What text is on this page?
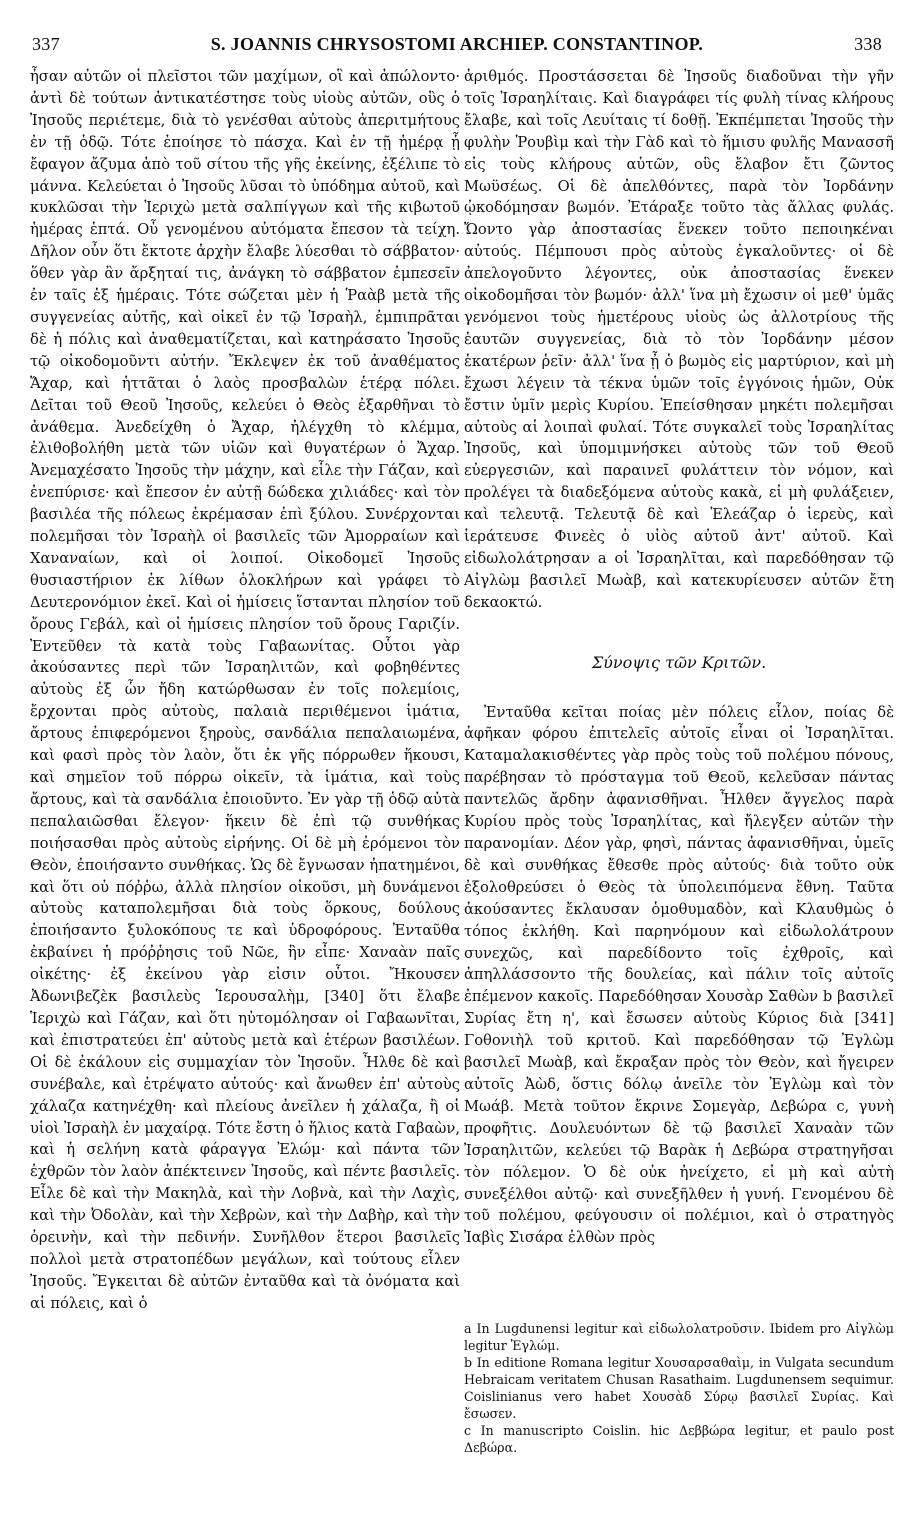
337	S. JOANNIS CHRYSOSTOMI ARCHIEP. CONSTANTINOP.	338

ἦσαν αὐτῶν οἱ πλεῖστοι τῶν μαχίμων, οἳ καὶ ἀπώλοντο· ἀντὶ δὲ τούτων ἀντικατέστησε τοὺς υἱοὺς αὐτῶν, οὓς ὁ Ἰησοῦς περιέτεμε, διὰ τὸ γενέσθαι αὐτοὺς ἀπεριτμήτους ἐν τῇ ὁδῷ. Τότε ἐποίησε τὸ πάσχα. Καὶ ἐν τῇ ἡμέρᾳ ᾗ ἔφαγον ἄζυμα ἀπὸ τοῦ σίτου τῆς γῆς ἐκείνης, ἐξέλιπε τὸ μάννα. Κελεύεται ὁ Ἰησοῦς λῦσαι τὸ ὑπόδημα αὐτοῦ, καὶ κυκλῶσαι τὴν Ἱεριχὼ μετὰ σαλπίγγων καὶ τῆς κιβωτοῦ ἡμέρας ἑπτά. Οὗ γενομένου αὐτόματα ἔπεσον τὰ τείχη. Δῆλον οὖν ὅτι ἔκτοτε ἀρχὴν ἔλαβε λύεσθαι τὸ σάββατον· ὅθεν γὰρ ἂν ἄρξηταί τις, ἀνάγκη τὸ σάββατον ἐμπεσεῖν ἐν ταῖς ἑξ ἡμέραις. Τότε σώζεται μὲν ἡ Ῥαὰβ μετὰ τῆς συγγενείας αὐτῆς, καὶ οἰκεῖ ἐν τῷ Ἰσραὴλ, ἐμπιπρᾶται δὲ ἡ πόλις καὶ ἀναθεματίζεται, καὶ κατηράσατο Ἰησοῦς τῷ οἰκοδομοῦντι αὐτήν. Ἔκλεψεν ἐκ τοῦ ἀναθέματος Ἄχαρ, καὶ ἡττᾶται ὁ λαὸς προσβαλὼν ἑτέρᾳ πόλει. Δεῖται τοῦ Θεοῦ Ἰησοῦς, κελεύει ὁ Θεὸς ἐξαρθῆναι τὸ ἀνάθεμα. Ἀνεδείχθη ὁ Ἄχαρ, ἠλέγχθη τὸ κλέμμα, ἐλιθοβολήθη μετὰ τῶν υἱῶν καὶ θυγατέρων ὁ Ἄχαρ. Ἀνεμαχέσατο Ἰησοῦς τὴν μάχην, καὶ εἷλε τὴν Γάζαν, καὶ ἐνεπύρισε· καὶ ἔπεσον ἐν αὐτῇ δώδεκα χιλιάδες· καὶ τὸν βασιλέα τῆς πόλεως ἐκρέμασαν ἐπὶ ξύλου. Συνέρχονται πολεμῆσαι τὸν Ἰσραὴλ οἱ βασιλεῖς τῶν Ἀμορραίων καὶ Χαναναίων, καὶ οἱ λοιποί. Οἰκοδομεῖ Ἰησοῦς θυσιαστήριον ἐκ λίθων ὁλοκλήρων καὶ γράφει τὸ Δευτερονόμιον ἐκεῖ. Καὶ οἱ ἡμίσεις ἵστανται πλησίον τοῦ ὄρους Γεβάλ, καὶ οἱ ἡμίσεις πλησίον τοῦ ὄρους Γαριζίν. Ἐντεῦθεν τὰ κατὰ τοὺς Γαβαωνίτας. Οὗτοι γὰρ ἀκούσαντες περὶ τῶν Ἰσραηλιτῶν, καὶ φοβηθέντες αὐτοὺς ἐξ ὧν ἤδη κατώρθωσαν ἐν τοῖς πολεμίοις, ἔρχονται πρὸς αὐτοὺς, παλαιὰ περιθέμενοι ἱμάτια, ἄρτους ἐπιφερόμενοι ξηροὺς, σανδάλια πεπαλαιωμένα, καὶ φασὶ πρὸς τὸν λαὸν, ὅτι ἐκ γῆς πόρρωθεν ἥκουσι, καὶ σημεῖον τοῦ πόρρω οἰκεῖν, τὰ ἱμάτια, καὶ τοὺς ἄρτους, καὶ τὰ σανδάλια ἐποιοῦντο. Ἐν γὰρ τῇ ὁδῷ αὐτὰ πεπαλαιῶσθαι ἔλεγον· ἥκειν δὲ ἐπὶ τῷ συνθήκας ποιήσασθαι πρὸς αὐτοὺς εἰρήνης. Οἱ δὲ μὴ ἐρόμενοι τὸν Θεὸν, ἐποιήσαντο συνθήκας. Ὡς δὲ ἔγνωσαν ἠπατημένοι, καὶ ὅτι οὐ πόῤῥω, ἀλλὰ πλησίον οἰκοῦσι, μὴ δυνάμενοι αὐτοὺς καταπολεμῆσαι διὰ τοὺς ὅρκους, δούλους ἐποιήσαντο ξυλοκόπους τε καὶ ὑδροφόρους. Ἐνταῦθα ἐκβαίνει ἡ πρόῤῥησις τοῦ Νῶε, ἣν εἶπε· Χαναὰν παῖς οἰκέτης· ἐξ ἐκείνου γὰρ εἰσιν οὗτοι. Ἤκουσεν Ἀδωνιβεζὲκ βασιλεὺς Ἱερουσαλὴμ, [340] ὅτι ἔλαβε Ἱεριχὼ καὶ Γάζαν, καὶ ὅτι ηὐτομόλησαν οἱ Γαβαωνῖται, καὶ ἐπιστρατεύει ἐπ' αὐτοὺς μετὰ καὶ ἑτέρων βασιλέων. Οἱ δὲ ἐκάλουν εἰς συμμαχίαν τὸν Ἰησοῦν. Ἦλθε δὲ καὶ συνέβαλε, καὶ ἐτρέψατο αὐτούς· καὶ ἄνωθεν ἐπ' αὐτοὺς χάλαζα κατηνέχθη· καὶ πλείους ἀνεῖλεν ἡ χάλαζα, ἢ οἱ υἱοὶ Ἰσραὴλ ἐν μαχαίρᾳ. Τότε ἔστη ὁ ἥλιος κατὰ Γαβαὼν, καὶ ἡ σελήνη κατὰ φάραγγα Ἐλώμ· καὶ πάντα τῶν ἐχθρῶν τὸν λαὸν ἀπέκτεινεν Ἰησοῦς, καὶ πέντε βασιλεῖς. Εἷλε δὲ καὶ τὴν Μακηλὰ, καὶ τὴν Λοβνὰ, καὶ τὴν Λαχὶς, καὶ τὴν Ὀδολὰν, καὶ τὴν Χεβρὼν, καὶ τὴν Δαβὴρ, καὶ τὴν ὀρεινὴν, καὶ τὴν πεδινήν. Συνῆλθον ἕτεροι βασιλεῖς πολλοὶ μετὰ στρατοπέδων μεγάλων, καὶ τούτους εἷλεν Ἰησοῦς. Ἔγκειται δὲ αὐτῶν ἐνταῦθα καὶ τὰ ὀνόματα καὶ αἱ πόλεις, καὶ ὁ

ἀριθμός. Προστάσσεται δὲ Ἰησοῦς διαδοῦναι τὴν γῆν τοῖς Ἰσραηλίταις. Καὶ διαγράφει τίς φυλὴ τίνας κλήρους ἔλαβε, καὶ τοῖς Λευίταις τί δοθῇ. Ἐκπέμπεται Ἰησοῦς τὴν φυλὴν Ῥουβὶμ καὶ τὴν Γὰδ καὶ τὸ ἥμισυ φυλῆς Μανασσῆ εἰς τοὺς κλήρους αὐτῶν, οὓς ἔλαβον ἔτι ζῶντος Μωϋσέως. Οἱ δὲ ἀπελθόντες, παρὰ τὸν Ἰορδάνην ᾠκοδόμησαν βωμόν. Ἐτάραξε τοῦτο τὰς ἄλλας φυλάς. Ὤοντο γὰρ ἀποστασίας ἕνεκεν τοῦτο πεποιηκέναι αὐτούς. Πέμπουσι πρὸς αὐτοὺς ἐγκαλοῦντες· οἱ δὲ ἀπελογοῦντο λέγοντες, οὐκ ἀποστασίας ἕνεκεν οἰκοδομῆσαι τὸν βωμόν· ἀλλ' ἵνα μὴ ἔχωσιν οἱ μεθ' ὑμᾶς γενόμενοι τοὺς ἡμετέρους υἱοὺς ὡς ἀλλοτρίους τῆς ἑαυτῶν συγγενείας, διὰ τὸ τὸν Ἰορδάνην μέσον ἑκατέρων ῥεῖν· ἀλλ' ἵνα ᾖ ὁ βωμὸς εἰς μαρτύριον, καὶ μὴ ἔχωσι λέγειν τὰ τέκνα ὑμῶν τοῖς ἐγγόνοις ἡμῶν, Οὐκ ἔστιν ὑμῖν μερὶς Κυρίου. Ἐπείσθησαν μηκέτι πολεμῆσαι αὐτοὺς αἱ λοιπαὶ φυλαί. Τότε συγκαλεῖ τοὺς Ἰσραηλίτας Ἰησοῦς, καὶ ὑπομιμνήσκει αὐτοὺς τῶν τοῦ Θεοῦ εὐεργεσιῶν, καὶ παραινεῖ φυλάττειν τὸν νόμον, καὶ προλέγει τὰ διαδεξόμενα αὐτοὺς κακὰ, εἰ μὴ φυλάξειεν, καὶ τελευτᾷ. Τελευτᾷ δὲ καὶ Ἐλεάζαρ ὁ ἱερεὺς, καὶ ἱεράτευσε Φινεὲς ὁ υἱὸς αὐτοῦ ἀντ' αὐτοῦ. Καὶ εἰδωλολάτρησαν a οἱ Ἰσραηλῖται, καὶ παρεδόθησαν τῷ Αἰγλὼμ βασιλεῖ Μωὰβ, καὶ κατεκυρίευσεν αὐτῶν ἔτη δεκαοκτώ.

Σύνοψις τῶν Κριτῶν.

Ἐνταῦθα κεῖται ποίας μὲν πόλεις εἷλον, ποίας δὲ ἀφῆκαν φόρου ἐπιτελεῖς αὐτοῖς εἶναι οἱ Ἰσραηλῖται. Καταμαλακισθέντες γὰρ πρὸς τοὺς τοῦ πολέμου πόνους, παρέβησαν τὸ πρόσταγμα τοῦ Θεοῦ, κελεῦσαν πάντας παντελῶς ἄρδην ἀφανισθῆναι. Ἦλθεν ἄγγελος παρὰ Κυρίου πρὸς τοὺς Ἰσραηλίτας, καὶ ἤλεγξεν αὐτῶν τὴν παρανομίαν. Δέον γὰρ, φησὶ, πάντας ἀφανισθῆναι, ὑμεῖς δὲ καὶ συνθήκας ἔθεσθε πρὸς αὐτούς· διὰ τοῦτο οὐκ ἐξολοθρεύσει ὁ Θεὸς τὰ ὑπολειπόμενα ἔθνη. Ταῦτα ἀκούσαντες ἔκλαυσαν ὁμοθυμαδὸν, καὶ Κλαυθμὼς ὁ τόπος ἐκλήθη. Καὶ παρηνόμουν καὶ εἰδωλολάτρουν συνεχῶς, καὶ παρεδίδοντο τοῖς ἐχθροῖς, καὶ ἀπηλλάσσοντο τῆς δουλείας, καὶ πάλιν τοῖς αὐτοῖς ἐπέμενον κακοῖς. Παρεδόθησαν Χουσὰρ Σαθὼν b βασιλεῖ Συρίας ἔτη η', καὶ ἔσωσεν αὐτοὺς Κύριος διὰ [341] Γοθονιὴλ τοῦ κριτοῦ. Καὶ παρεδόθησαν τῷ Ἐγλὼμ βασιλεῖ Μωὰβ, καὶ ἔκραξαν πρὸς τὸν Θεὸν, καὶ ἤγειρεν αὐτοῖς Ἀὼδ, ὅστις δόλῳ ἀνεῖλε τὸν Ἐγλὼμ καὶ τὸν Μωάβ. Μετὰ τοῦτον ἔκρινε Σομεγὰρ, Δεβώρα c, γυνὴ προφῆτις. Δουλευόντων δὲ τῷ βασιλεῖ Χαναὰν τῶν Ἰσραηλιτῶν, κελεύει τῷ Βαρὰκ ἡ Δεβώρα στρατηγῆσαι τὸν πόλεμον. Ὁ δὲ οὐκ ἠνείχετο, εἰ μὴ καὶ αὐτὴ συνεξέλθοι αὐτῷ· καὶ συνεξῆλθεν ἡ γυνή. Γενομένου δὲ τοῦ πολέμου, φεύγουσιν οἱ πολέμιοι, καὶ ὁ στρατηγὸς Ἰαβὶς Σισάρα ἐλθὼν πρὸς

a In Lugdunensi legitur καὶ εἰδωλολατροῦσιν. Ibidem pro Αἰγλὼμ legitur Ἐγλώμ.

b In editione Romana legitur Χουσαρσαθαὶμ, in Vulgata secundum Hebraicam veritatem Chusan Rasathaim. Lugdunensem sequimur. Coislinianus vero habet Χουσὰδ Σύρῳ βασιλεῖ Συρίας. Καὶ ἔσωσεν.

c In manuscripto Coislin. hic Δεββώρα legitur, et paulo post Δεβώρα.
